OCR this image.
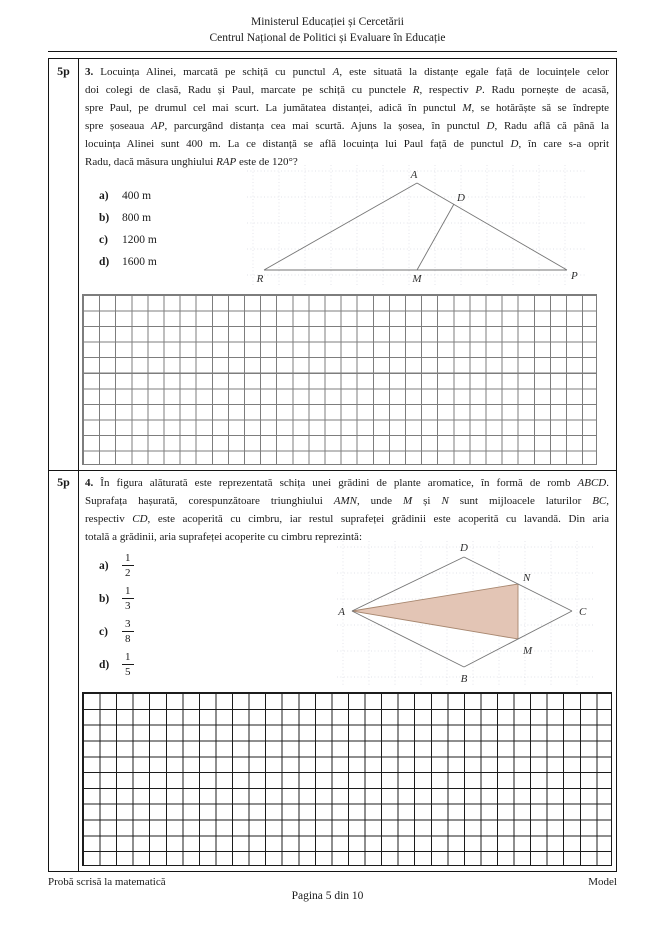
Ministerul Educației și Cercetării
Centrul Național de Politici și Evaluare în Educație
5p	3. Locuința Alinei, marcată pe schiță cu punctul A, este situată la distanțe egale față de locuințele celor
doi colegi de clasă, Radu și Paul, marcate pe schiță cu punctele R, respectiv P. Radu pornește de acasă,
spre Paul, pe drumul cel mai scurt. La jumătatea distanței, adică în punctul M, se hotărăște să se îndrepte
spre șoseaua AP, parcurgând distanța cea mai scurtă. Ajuns la șosea, în punctul D, Radu află că până la
locuința Alinei sunt 400 m. La ce distanță se află locuința lui Paul față de punctul D, în care s-a oprit
Radu, dacă măsura unghiului RAP este de 120°?
a)	400 m
b)	800 m
c)	1200 m
d)	1600 m
A
D
R	M	P
5p	4. În figura alăturată este reprezentată schița unei grădini de plante aromatice, în formă de romb ABCD.
Suprafața hașurată, corespunzătoare triunghiului AMN, unde M și N sunt mijloacele laturilor BC,
respectiv CD, este acoperită cu cimbru, iar restul suprafeței grădinii este acoperită cu lavandă. Din aria
totală a grădinii, aria suprafeței acoperite cu cimbru reprezintă:
a)	$\frac{1}{2}$
b)	$\frac{1}{3}$
c)	$\frac{3}{8}$
d)	$\frac{1}{5}$
D
N
C
M
B
A
Probă scrisă la matematică	Model
Pagina 5 din 10
